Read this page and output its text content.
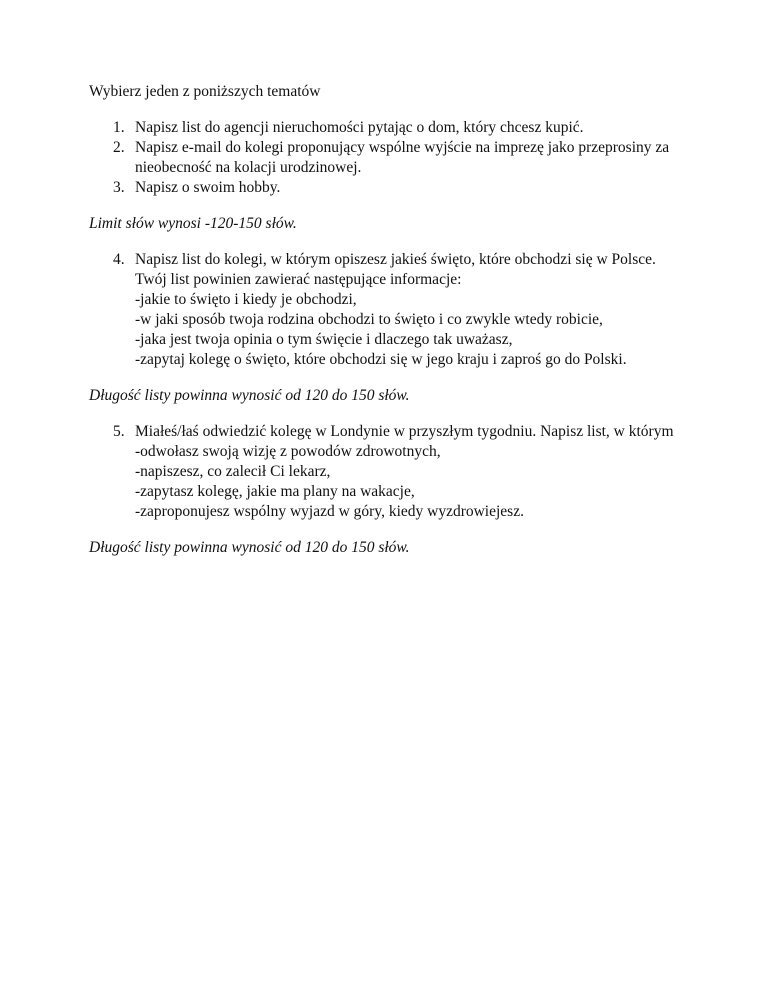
Wybierz jeden z poniższych tematów

1. Napisz list do agencji nieruchomości pytając o dom, który chcesz kupić.
2. Napisz e-mail do kolegi proponujący wspólne wyjście na imprezę jako przeprosiny za
nieobecność na kolacji urodzinowej.
3. Napisz o swoim hobby.

Limit słów wynosi -120-150 słów.

4. Napisz list do kolegi, w którym opiszesz jakieś święto, które obchodzi się w Polsce.
Twój list powinien zawierać następujące informacje:
-jakie to święto i kiedy je obchodzi,
-w jaki sposób twoja rodzina obchodzi to święto i co zwykle wtedy robicie,
-jaka jest twoja opinia o tym święcie i dlaczego tak uważasz,
-zapytaj kolegę o święto, które obchodzi się w jego kraju i zaproś go do Polski.

Długość listy powinna wynosić od 120 do 150 słów.

5. Miałeś/łaś odwiedzić kolegę w Londynie w przyszłym tygodniu. Napisz list, w którym
-odwołasz swoją wizję z powodów zdrowotnych,
-napiszesz, co zalecił Ci lekarz,
-zapytasz kolegę, jakie ma plany na wakacje,
-zaproponujesz wspólny wyjazd w góry, kiedy wyzdrowiejesz.

Długość listy powinna wynosić od 120 do 150 słów.
